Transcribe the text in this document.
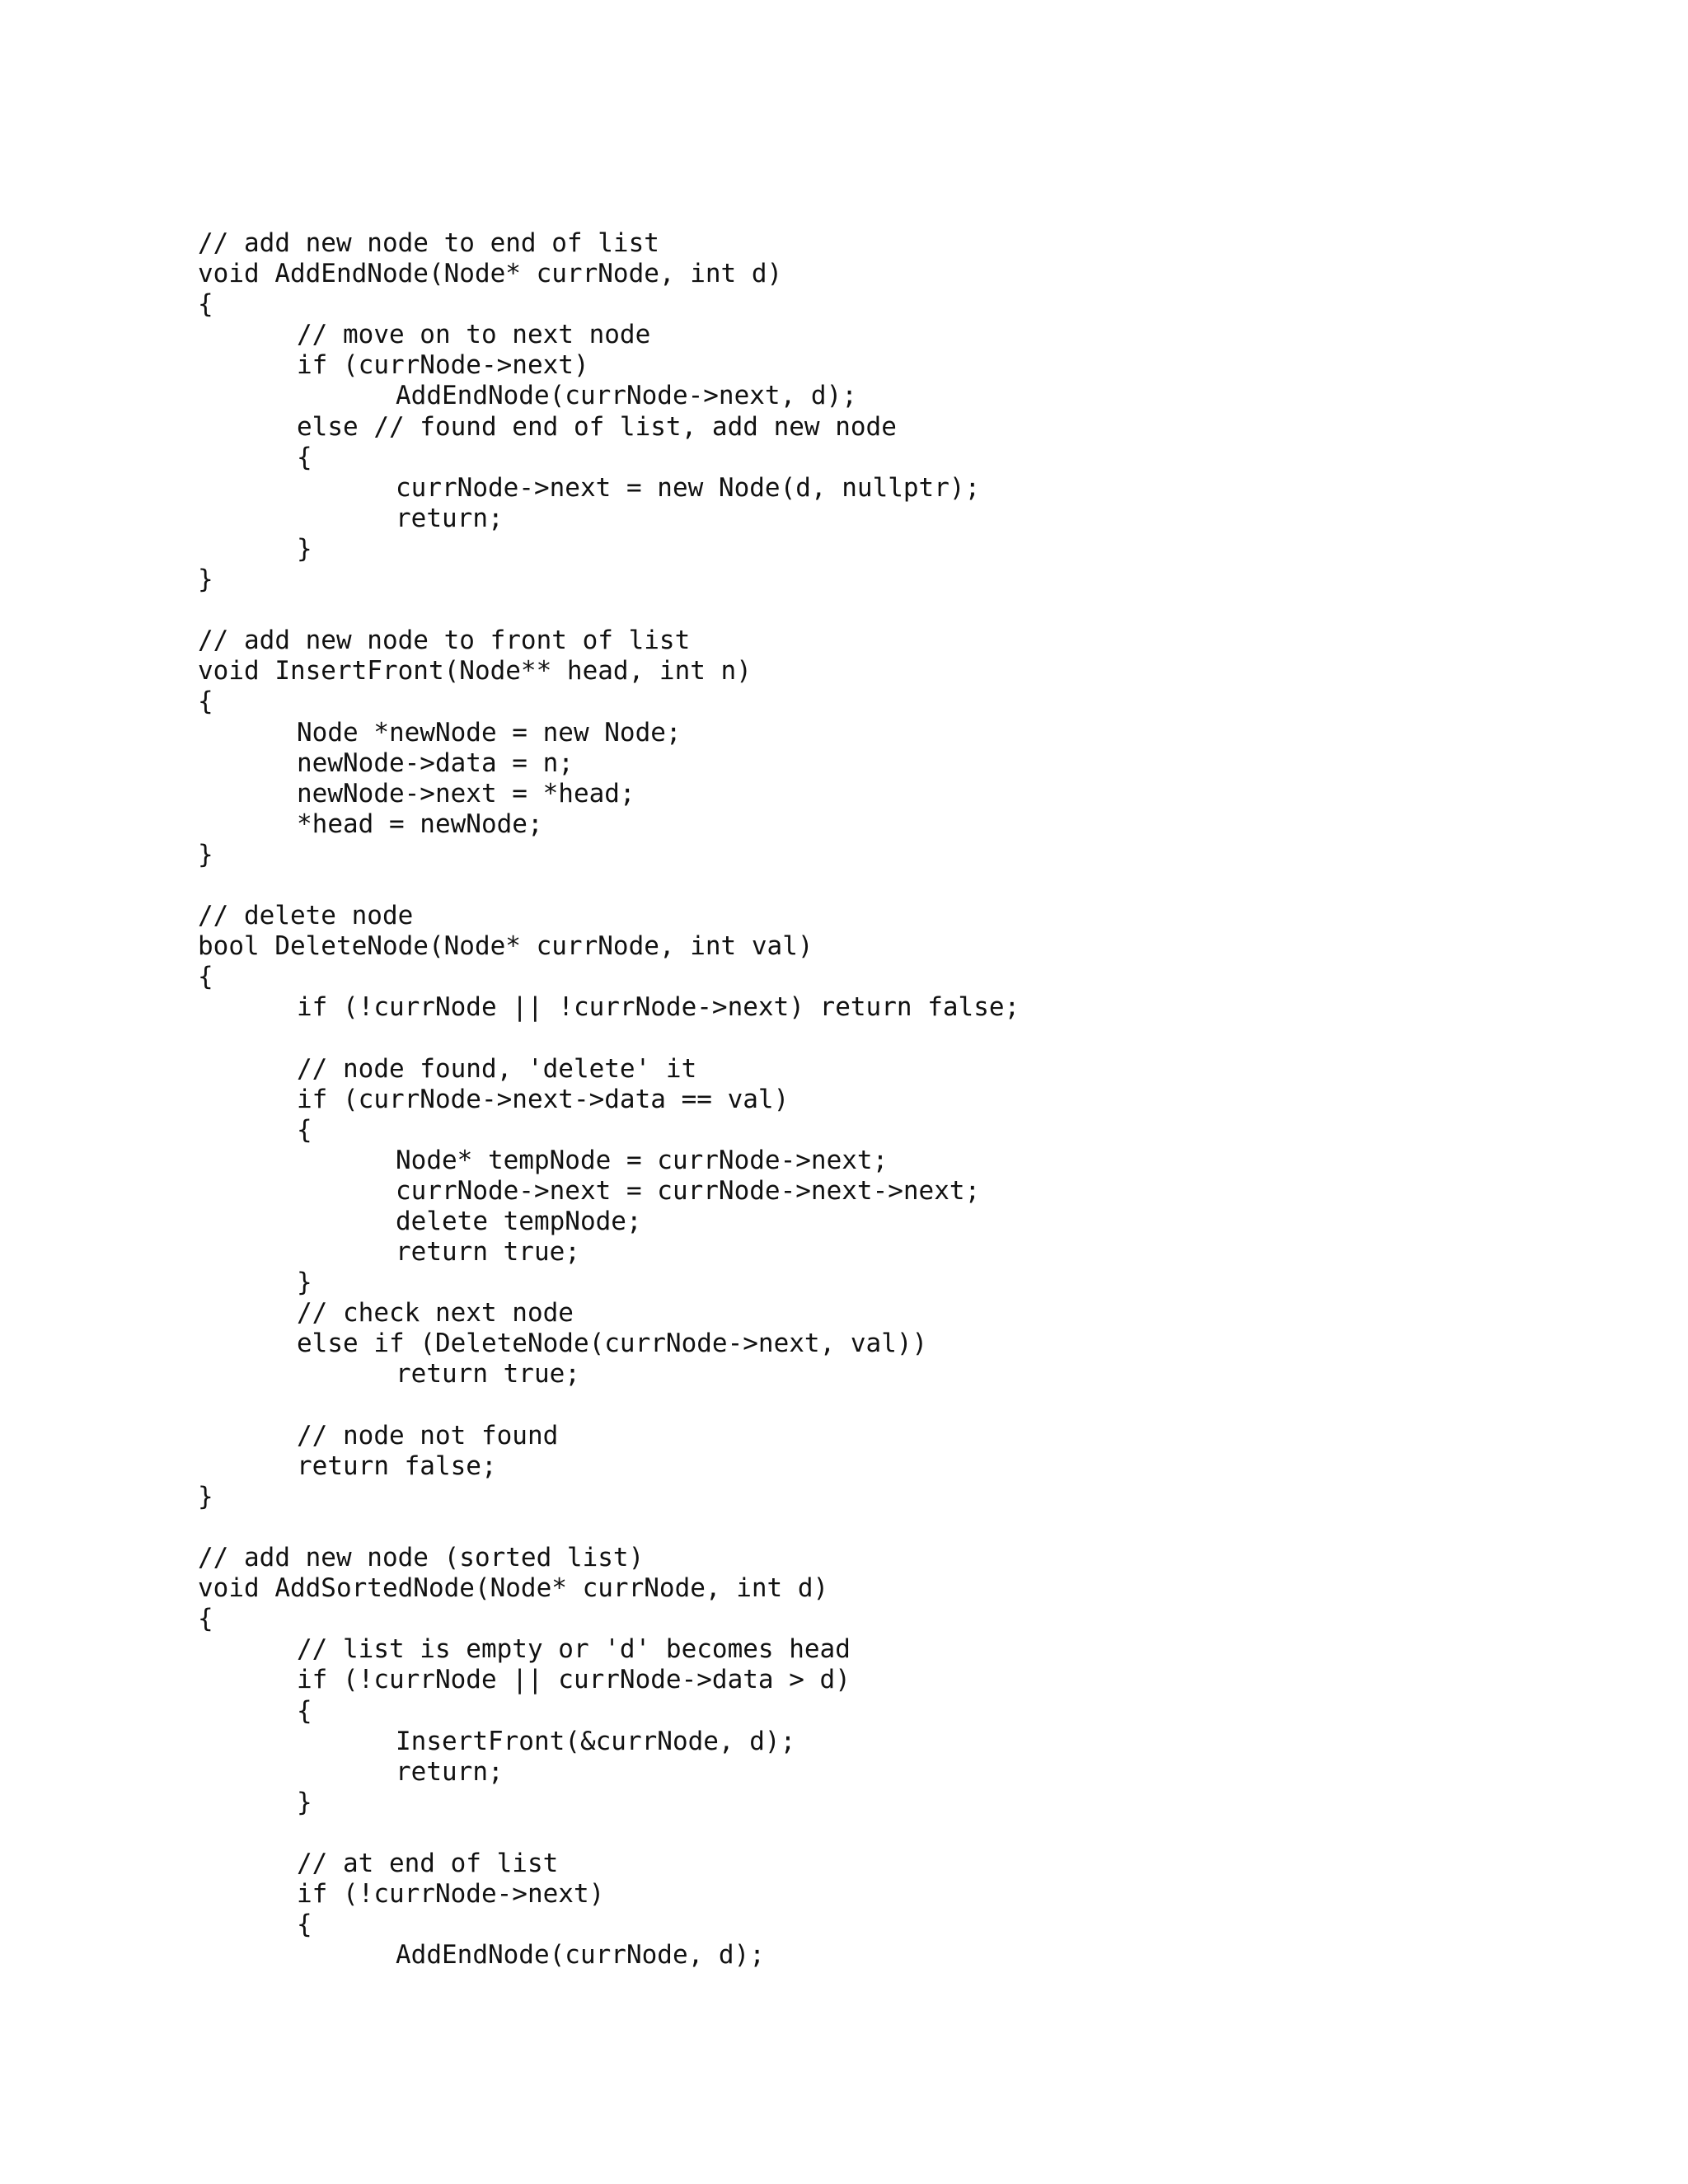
// add new node to end of list
void AddEndNode(Node* currNode, int d)
{
// move on to next node
if (currNode->next)
AddEndNode(currNode->next, d);
else // found end of list, add new node
{
currNode->next = new Node(d, nullptr);
return;
}
}
// add new node to front of list
void InsertFront(Node** head, int n)
{
Node *newNode = new Node;
newNode->data = n;
newNode->next = *head;
*head = newNode;
}
// delete node
bool DeleteNode(Node* currNode, int val)
{
if (!currNode || !currNode->next) return false;
// node found, 'delete' it
if (currNode->next->data == val)
{
Node* tempNode = currNode->next;
currNode->next = currNode->next->next;
delete tempNode;
return true;
}
// check next node
else if (DeleteNode(currNode->next, val))
return true;
// node not found
return false;
}
// add new node (sorted list)
void AddSortedNode(Node* currNode, int d)
{
// list is empty or 'd' becomes head
if (!currNode || currNode->data > d)
{
InsertFront(&currNode, d);
return;
}
// at end of list
if (!currNode->next)
{
AddEndNode(currNode, d);
